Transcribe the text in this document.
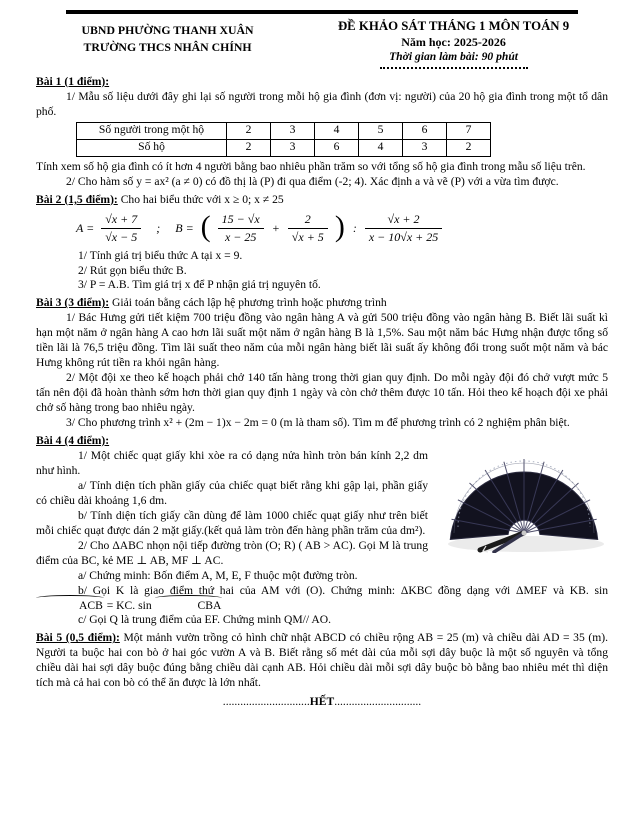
UBND PHƯỜNG THANH XUÂN
TRƯỜNG THCS NHÂN CHÍNH
ĐỀ KHẢO SÁT THÁNG 1 MÔN TOÁN 9
Năm học: 2025-2026
Thời gian làm bài: 90 phút

Bài 1 (1 điểm):

1/ Mẫu số liệu dưới đây ghi lại số người trong mỗi hộ gia đình (đơn vị: người) của 20 hộ gia đình trong một tổ dân phố.

Số người trong một hộ	2	3	4	5	6	7
Số hộ	2	3	6	4	3	2

Tính xem số hộ gia đình có ít hơn 4 người bằng bao nhiêu phần trăm so với tổng số hộ gia đình trong mẫu số liệu trên.

2/ Cho hàm số y = ax² (a ≠ 0) có đồ thị là (P) đi qua điểm (-2; 4). Xác định a và vẽ (P) với a vừa tìm được.

Bài 2 (1,5 điểm): Cho hai biểu thức với x ≥ 0; x ≠ 25

$A = \frac{√x + 7}{√x - 5}$ ; B = ( $\frac{15 - √x}{x - 25} + \frac{2}{√x + 5}$ ) : $\frac{√x + 2}{x - 10√x + 25}$

1/ Tính giá trị biểu thức A tại x = 9.

2/ Rút gọn biểu thức B.

3/ P = A.B. Tìm giá trị x để P nhận giá trị nguyên tố.

Bài 3 (3 điểm): Giải toán bằng cách lập hệ phương trình hoặc phương trình

1/ Bác Hưng gửi tiết kiệm 700 triệu đồng vào ngân hàng A và gửi 500 triệu đồng vào ngân hàng B. Biết lãi suất kì hạn một năm ở ngân hàng A cao hơn lãi suất một năm ở ngân hàng B là 1,5%. Sau một năm bác Hưng nhận được tổng số tiền lãi là 76,5 triệu đồng. Tìm lãi suất theo năm của mỗi ngân hàng biết lãi suất ấy không đổi trong suốt một năm và bác Hưng không rút tiền ra khỏi ngân hàng.

2/ Một đội xe theo kế hoạch phải chở 140 tấn hàng trong thời gian quy định. Do mỗi ngày đội đó chở vượt mức 5 tấn nên đội đã hoàn thành sớm hơn thời gian quy định 1 ngày và còn chở thêm được 10 tấn. Hỏi theo kế hoạch đội xe phải chở số hàng trong bao nhiêu ngày.

3/ Cho phương trình x² + (2m − 1)x − 2m = 0 (m là tham số). Tìm m để phương trình có 2 nghiệm phân biệt.

Bài 4 (4 điểm):

1/ Một chiếc quạt giấy khi xòe ra có dạng nửa hình tròn bán kính 2,2 dm như hình.

a/ Tính diện tích phần giấy của chiếc quạt biết rằng khi gập lại, phần giấy có chiều dài khoảng 1,6 dm.

b/ Tính diện tích giấy cần dùng để làm 1000 chiếc quạt giấy như trên biết mỗi chiếc quạt được dán 2 mặt giấy.(kết quả làm tròn đến hàng phần trăm của dm²).

2/ Cho ΔABC nhọn nội tiếp đường tròn (O; R) ( AB > AC). Gọi M là trung điểm của BC, kẻ ME ⊥ AB, MF ⊥ AC.

a/ Chứng minh: Bốn điểm A, M, E, F thuộc một đường tròn.

b/ Gọi K là giao điểm thứ hai của AM với (O). Chứng minh: ΔKBC đồng dạng với ΔMEF và KB. sin ACB = KC. sin	CBA

c/ Gọi Q là trung điểm của EF. Chứng minh QM// AO.

Bài 5 (0,5 điểm): Một mảnh vườn trồng cỏ hình chữ nhật ABCD có chiều rộng AB = 25 (m) và chiều dài AD = 35 (m). Người ta buộc hai con bò ở hai góc vườn A và B. Biết rằng số mét dài của mỗi sợi dây buộc là một số nguyên và tổng chiều dài hai sợi dây buộc đúng bằng chiều dài cạnh AB. Hỏi chiều dài mỗi sợi dây buộc bò bằng bao nhiêu mét thì diện tích mà cả hai con bò có thể ăn được là lớn nhất.

..............................HẾT..............................
